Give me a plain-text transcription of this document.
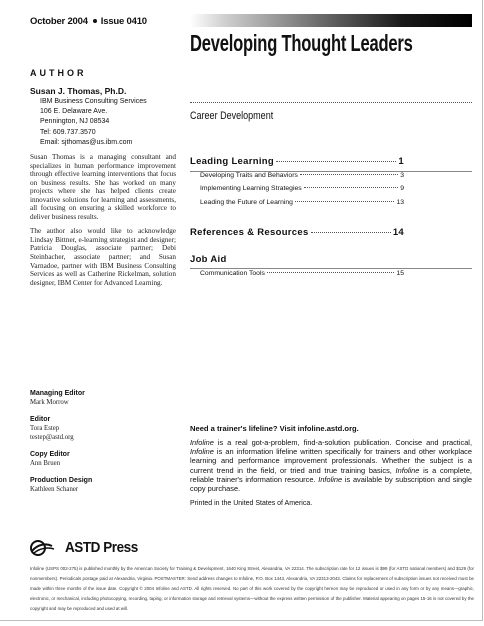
October 2004 Issue 0410
Developing Thought Leaders
AUTHOR
Susan J. Thomas, Ph.D.
IBM Business Consulting Services
106 E. Delaware Ave.
Pennington, NJ 08534
Tel: 609.737.3570
Email: sjthomas@us.ibm.com

Susan Thomas is a managing consultant and specializes in human performance improvement through effective learning interventions that focus on business results. She has worked on many projects where she has helped clients create innovative solutions for learning and assessments, all focusing on ensuring a skilled workforce to deliver business results.

The author also would like to acknowledge Lindsay Bittner, e-learning strategist and designer; Patricia Douglas, associate partner; Debi Steinbacher, associate partner; and Susan Varnadoe, partner with IBM Business Consulting Services as well as Catherine Rickelman, solution designer, IBM Center for Advanced Learning.

Career Development
Leading Learning	1
Developing Traits and Behaviors	3
Implementing Learning Strategies	9
Leading the Future of Learning	13
References & Resources	14
Job Aid
Communication Tools	15
Managing Editor
Mark Morrow
Editor
Tora Estep
testep@astd.org
Copy Editor
Ann Bruen
Production Design
Kathleen Schaner
Need a trainer's lifeline? Visit infoline.astd.org.
Infoline is a real got-a-problem, find-a-solution publication. Concise and practical, Infoline is an information lifeline written specifically for trainers and other workplace learning and performance improvement professionals. Whether the subject is a current trend in the field, or tried and true training basics, Infoline is a complete, reliable trainer's information resource. Infoline is available by subscription and single copy purchase.
Printed in the United States of America.
ASTD Press
Infoline (USPS 002-275) is published monthly by the American Society for Training & Development, 1640 King Street, Alexandria, VA 22314. The subscription rate for 12 issues is $99 (for ASTD national members) and $129 (for nonmembers). Periodicals postage paid at Alexandria, Virginia. POSTMASTER: Send address changes to Infoline, P.O. Box 1443, Alexandria, VA 22313-2043. Claims for replacement of subscription issues not received must be made within three months of the issue date. Copyright © 2004 Infoline and ASTD. All rights reserved. No part of this work covered by the copyright hereon may be reproduced or used in any form or by any means—graphic, electronic, or mechanical, including photocopying, recording, taping, or information storage and retrieval systems—without the express written permission of the publisher. Material appearing on pages 15-16 is not covered by the copyright and may be reproduced and used at will.
